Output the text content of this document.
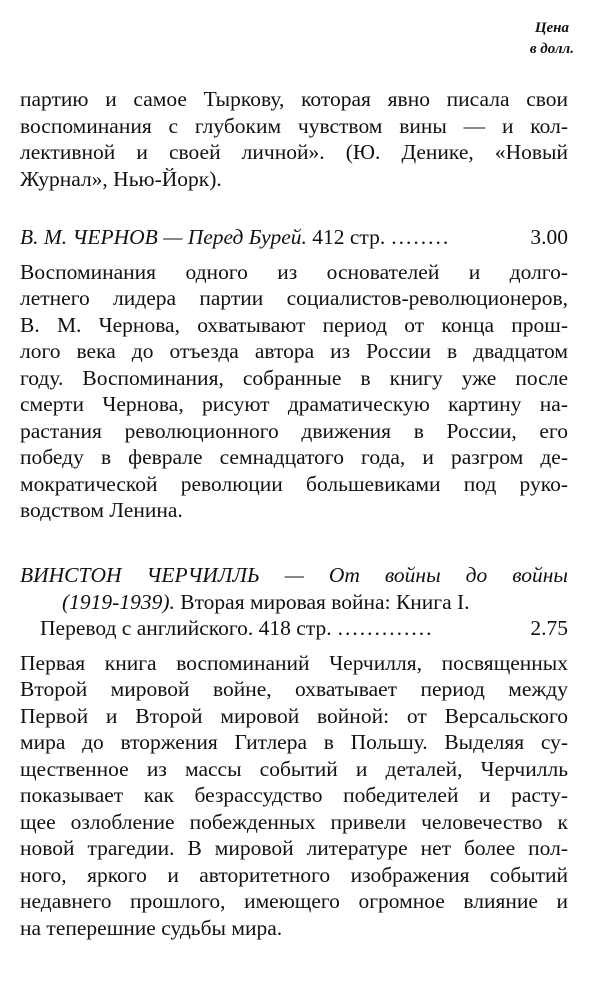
Цена
в долл.

партию и самое Тыркову, которая явно писала свои
воспоминания с глубоким чувством вины — и кол-
лективной и своей личной». (Ю. Денике, «Новый
Журнал», Нью-Йорк).

В. М. ЧЕРНОВ — Перед Бурей. 412 стр. ........	3.00

Воспоминания одного из основателей и долго-
летнего лидера партии социалистов-революционеров,
В. М. Чернова, охватывают период от конца прош-
лого века до отъезда автора из России в двадцатом
году. Воспоминания, собранные в книгу уже после
смерти Чернова, рисуют драматическую картину на-
растания революционного движения в России, его
победу в феврале семнадцатого года, и разгром де-
мократической революции большевиками под руко-
водством Ленина.

ВИНСТОН ЧЕРЧИЛЛЬ — От войны до войны
(1919-1939). Вторая мировая война: Книга I.
Перевод с английского. 418 стр. .............	2.75

Первая книга воспоминаний Черчилля, посвященных
Второй мировой войне, охватывает период между
Первой и Второй мировой войной: от Версальского
мира до вторжения Гитлера в Польшу. Выделяя су-
щественное из массы событий и деталей, Черчилль
показывает как безрассудство победителей и расту-
щее озлобление побежденных привели человечество к
новой трагедии. В мировой литературе нет более пол-
ного, яркого и авторитетного изображения событий
недавнего прошлого, имеющего огромное влияние и
на теперешние судьбы мира.
